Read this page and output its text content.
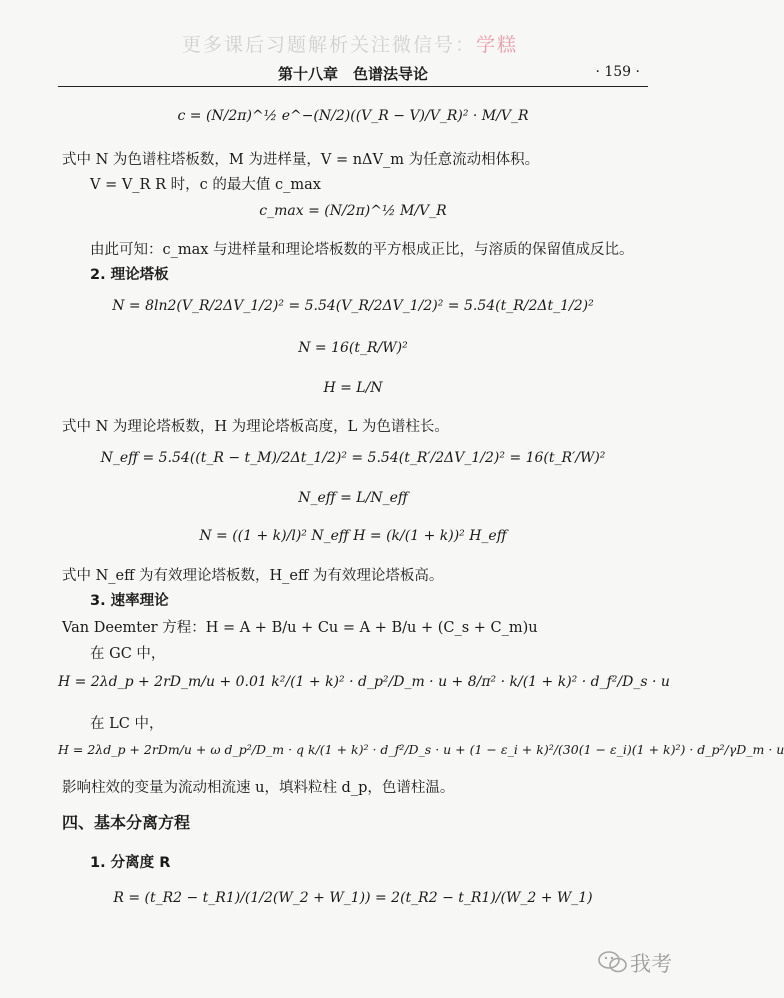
更多课后习题解析关注微信号：学糕
第十八章　色谱法导论	· 159 ·
c = (N/2π)^½ e^−(N/2)((V_R − V)/V_R)² · M/V_R
式中 N 为色谱柱塔板数，M 为进样量，V = nΔV_m 为任意流动相体积。
V = V_R R 时，c 的最大值 c_max
c_max = (N/2π)^½ M/V_R
由此可知：c_max 与进样量和理论塔板数的平方根成正比，与溶质的保留值成反比。
2. 理论塔板
N = 8ln2(V_R/2ΔV_1/2)² = 5.54(V_R/2ΔV_1/2)² = 5.54(t_R/2Δt_1/2)²
N = 16(t_R/W)²
H = L/N
式中 N 为理论塔板数，H 为理论塔板高度，L 为色谱柱长。
N_eff = 5.54((t_R − t_M)/2Δt_1/2)² = 5.54(t_R′/2ΔV_1/2)² = 16(t_R′/W)²
N_eff = L/N_eff
N = ((1 + k)/l)² N_eff H = (k/(1 + k))² H_eff
式中 N_eff 为有效理论塔板数，H_eff 为有效理论塔板高。
3. 速率理论
Van Deemter 方程：H = A + B/u + Cu = A + B/u + (C_s + C_m)u
在 GC 中，
H = 2λd_p + 2rD_m/u + 0.01 k²/(1 + k)² · d_p²/D_m · u + 8/π² · k/(1 + k)² · d_f²/D_s · u
在 LC 中，
H = 2λd_p + 2rDm/u + ω d_p²/D_m · q k/(1 + k)² · d_f²/D_s · u + (1 − ε_i + k)²/(30(1 − ε_i)(1 + k)²) · d_p²/γD_m · u
影响柱效的变量为流动相流速 u，填料粒柱 d_p，色谱柱温。
四、基本分离方程
1. 分离度 R
R = (t_R2 − t_R1)/(1/2(W_2 + W_1)) = 2(t_R2 − t_R1)/(W_2 + W_1)
我考
